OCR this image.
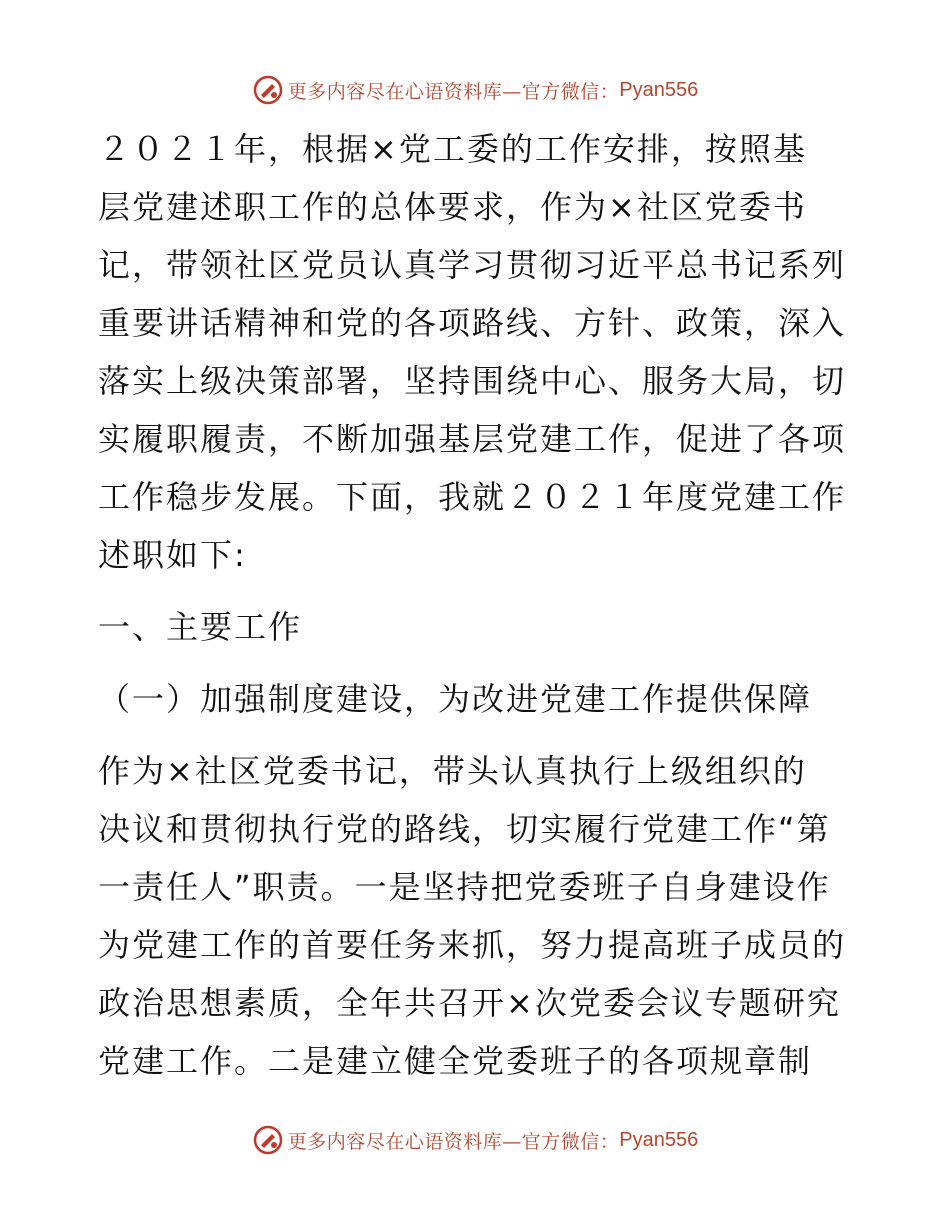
更多内容尽在心语资料库—官方微信： Pyan556
２０２１年，根据×党工委的工作安排，按照基
层党建述职工作的总体要求，作为×社区党委书
记，带领社区党员认真学习贯彻习近平总书记系列
重要讲话精神和党的各项路线、方针、政策，深入
落实上级决策部署，坚持围绕中心、服务大局，切
实履职履责，不断加强基层党建工作，促进了各项
工作稳步发展。下面，我就２０２１年度党建工作
述职如下:
一、主要工作
（一）加强制度建设，为改进党建工作提供保障
作为×社区党委书记，带头认真执行上级组织的
决议和贯彻执行党的路线，切实履行党建工作“第
一责任人”职责。一是坚持把党委班子自身建设作
为党建工作的首要任务来抓，努力提高班子成员的
政治思想素质，全年共召开×次党委会议专题研究
党建工作。二是建立健全党委班子的各项规章制
更多内容尽在心语资料库—官方微信： Pyan556
